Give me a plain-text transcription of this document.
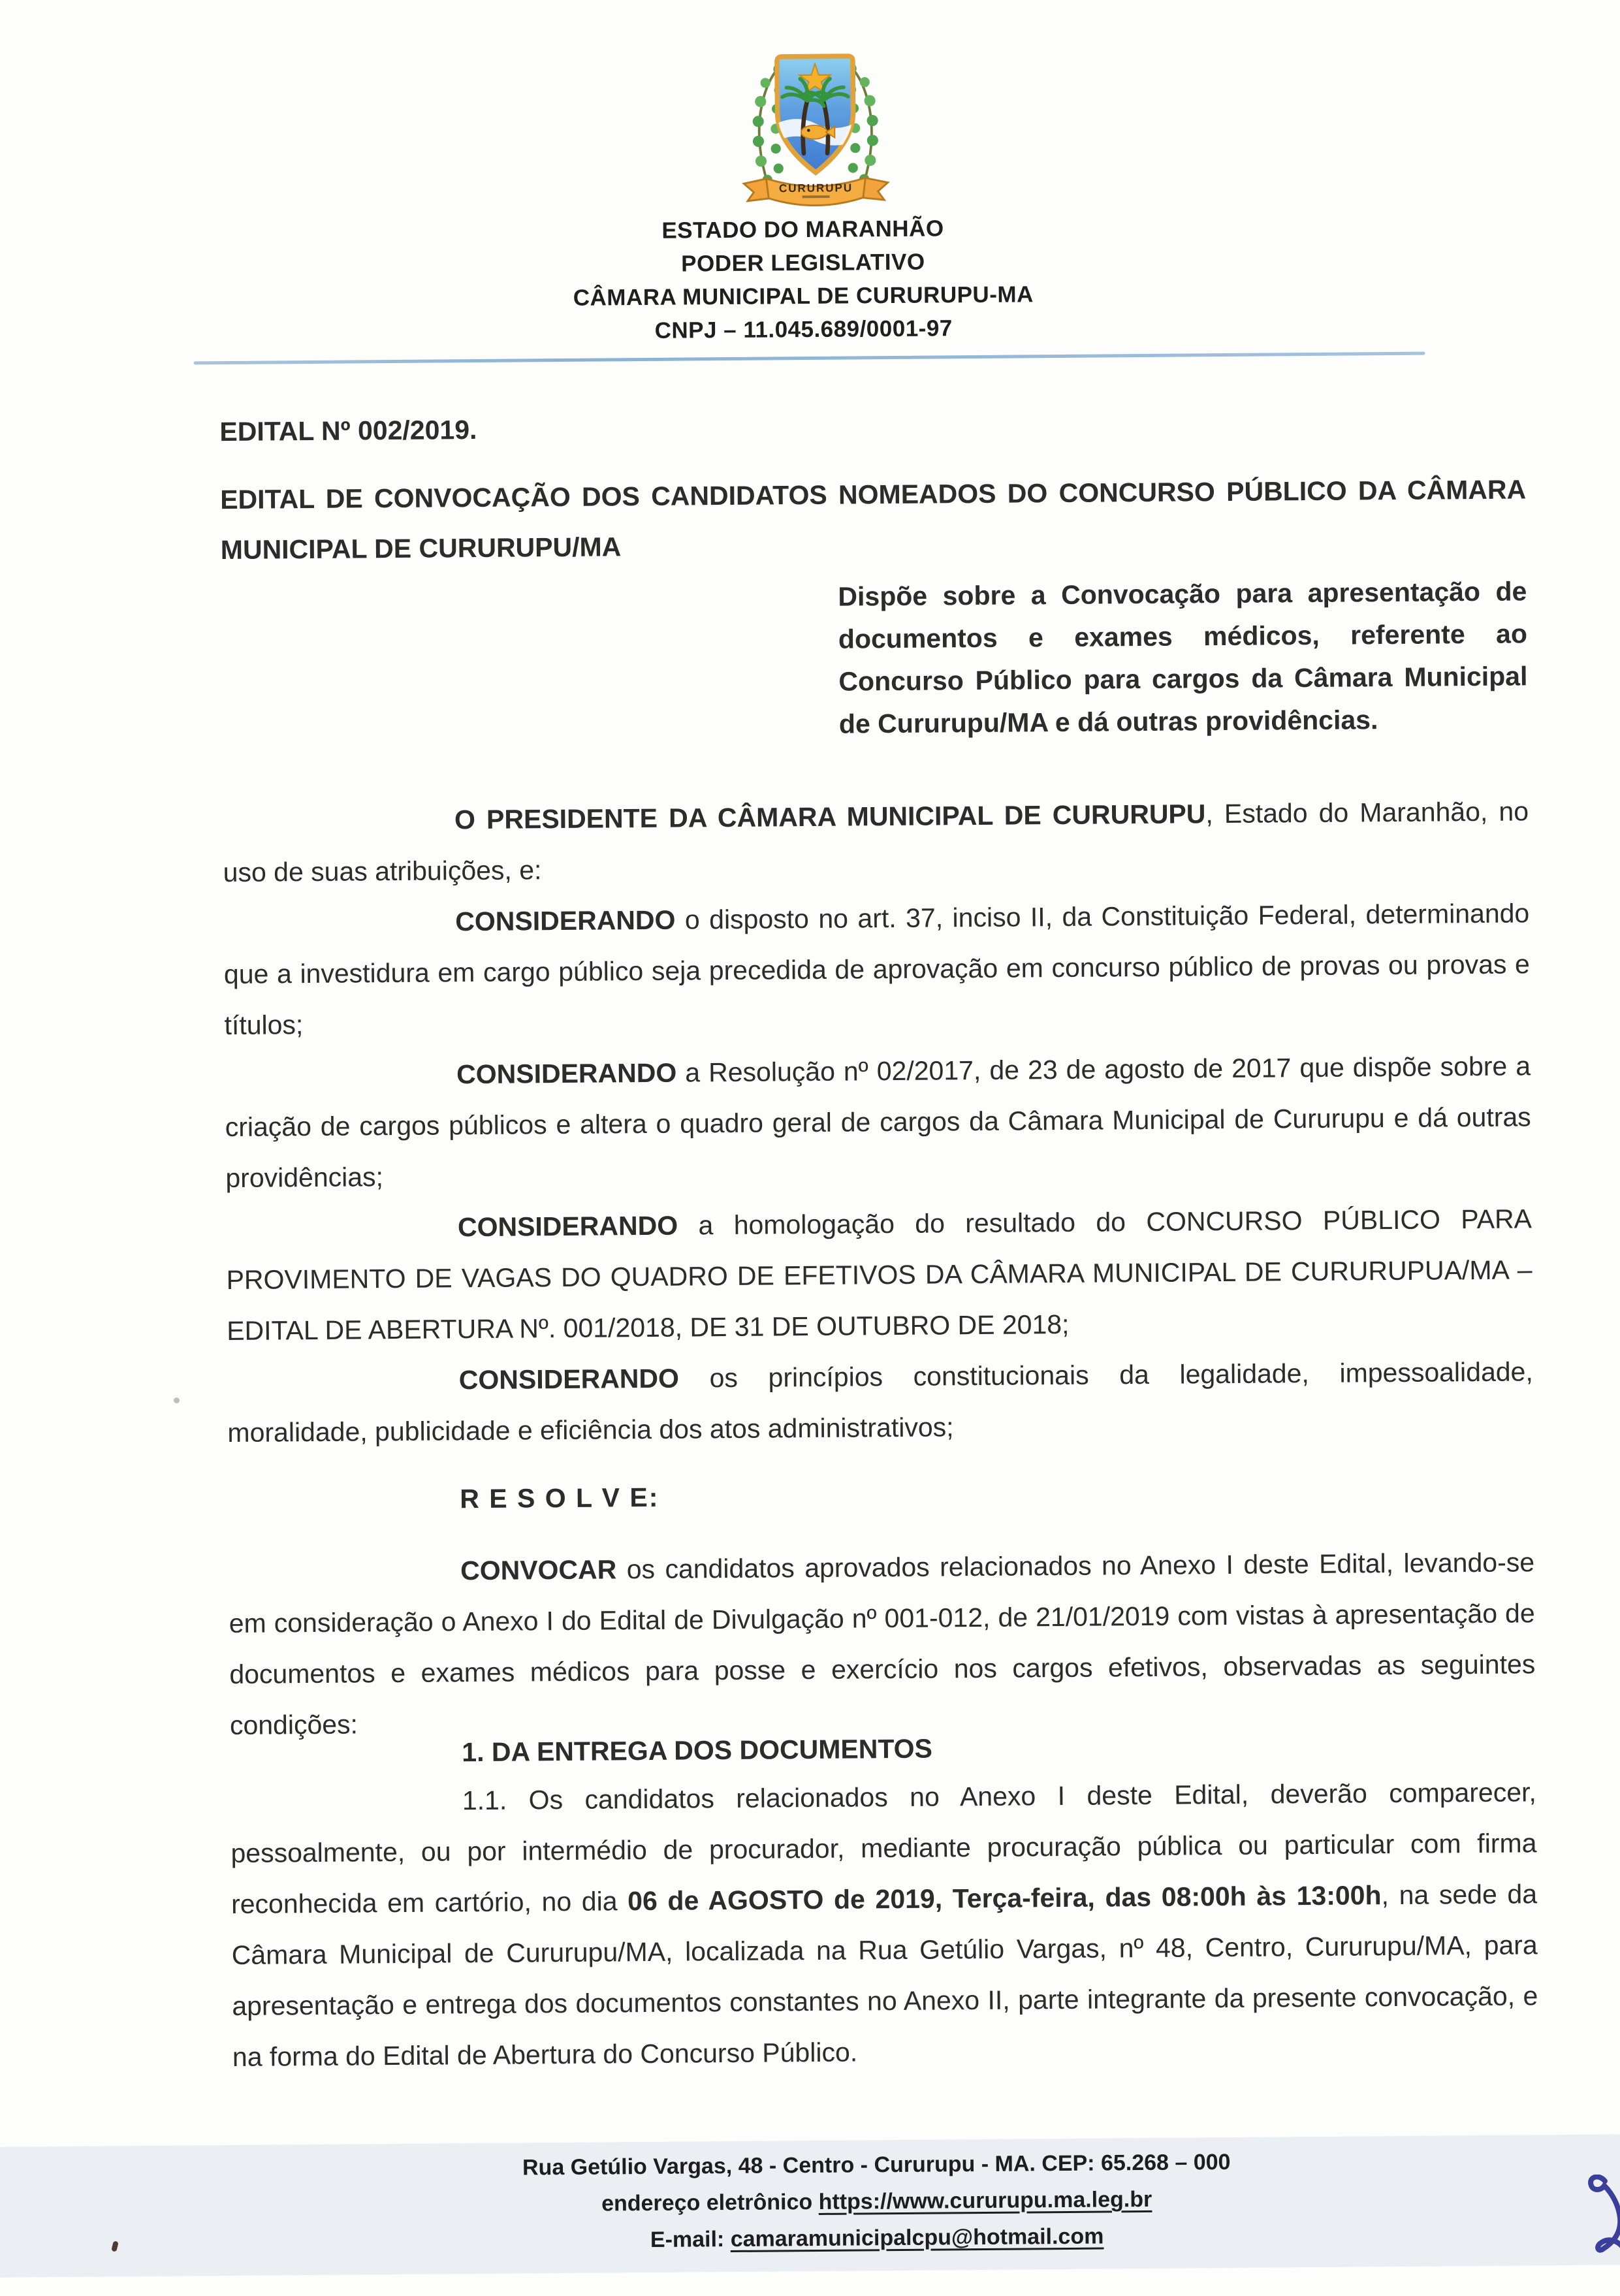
CURURUPU
ESTADO DO MARANHÃO
PODER LEGISLATIVO
CÂMARA MUNICIPAL DE CURURUPU-MA
CNPJ – 11.045.689/0001-97

EDITAL Nº 002/2019.

EDITAL DE CONVOCAÇÃO DOS CANDIDATOS NOMEADOS DO CONCURSO PÚBLICO DA CÂMARA MUNICIPAL DE CURURUPU/MA

Dispõe sobre a Convocação para apresentação de documentos e exames médicos, referente ao Concurso Público para cargos da Câmara Municipal de Cururupu/MA e dá outras providências.

O PRESIDENTE DA CÂMARA MUNICIPAL DE CURURUPU, Estado do Maranhão, no uso de suas atribuições, e:

CONSIDERANDO o disposto no art. 37, inciso II, da Constituição Federal, determinando que a investidura em cargo público seja precedida de aprovação em concurso público de provas ou provas e títulos;

CONSIDERANDO a Resolução nº 02/2017, de 23 de agosto de 2017 que dispõe sobre a criação de cargos públicos e altera o quadro geral de cargos da Câmara Municipal de Cururupu e dá outras providências;

CONSIDERANDO a homologação do resultado do CONCURSO PÚBLICO PARA PROVIMENTO DE VAGAS DO QUADRO DE EFETIVOS DA CÂMARA MUNICIPAL DE CURURUPUA/MA – EDITAL DE ABERTURA Nº. 001/2018, DE 31 DE OUTUBRO DE 2018;

CONSIDERANDO os princípios constitucionais da legalidade, impessoalidade, moralidade, publicidade e eficiência dos atos administrativos;

R E S O L V E:

CONVOCAR os candidatos aprovados relacionados no Anexo I deste Edital, levando-se em consideração o Anexo I do Edital de Divulgação nº 001-012, de 21/01/2019 com vistas à apresentação de documentos e exames médicos para posse e exercício nos cargos efetivos, observadas as seguintes condições:

1. DA ENTREGA DOS DOCUMENTOS

1.1. Os candidatos relacionados no Anexo I deste Edital, deverão comparecer, pessoalmente, ou por intermédio de procurador, mediante procuração pública ou particular com firma reconhecida em cartório, no dia 06 de AGOSTO de 2019, Terça-feira, das 08:00h às 13:00h, na sede da Câmara Municipal de Cururupu/MA, localizada na Rua Getúlio Vargas, nº 48, Centro, Cururupu/MA, para apresentação e entrega dos documentos constantes no Anexo II, parte integrante da presente convocação, e na forma do Edital de Abertura do Concurso Público.

Rua Getúlio Vargas, 48 - Centro - Cururupu - MA. CEP: 65.268 – 000
endereço eletrônico https://www.cururupu.ma.leg.br
E-mail: camaramunicipalcpu@hotmail.com
